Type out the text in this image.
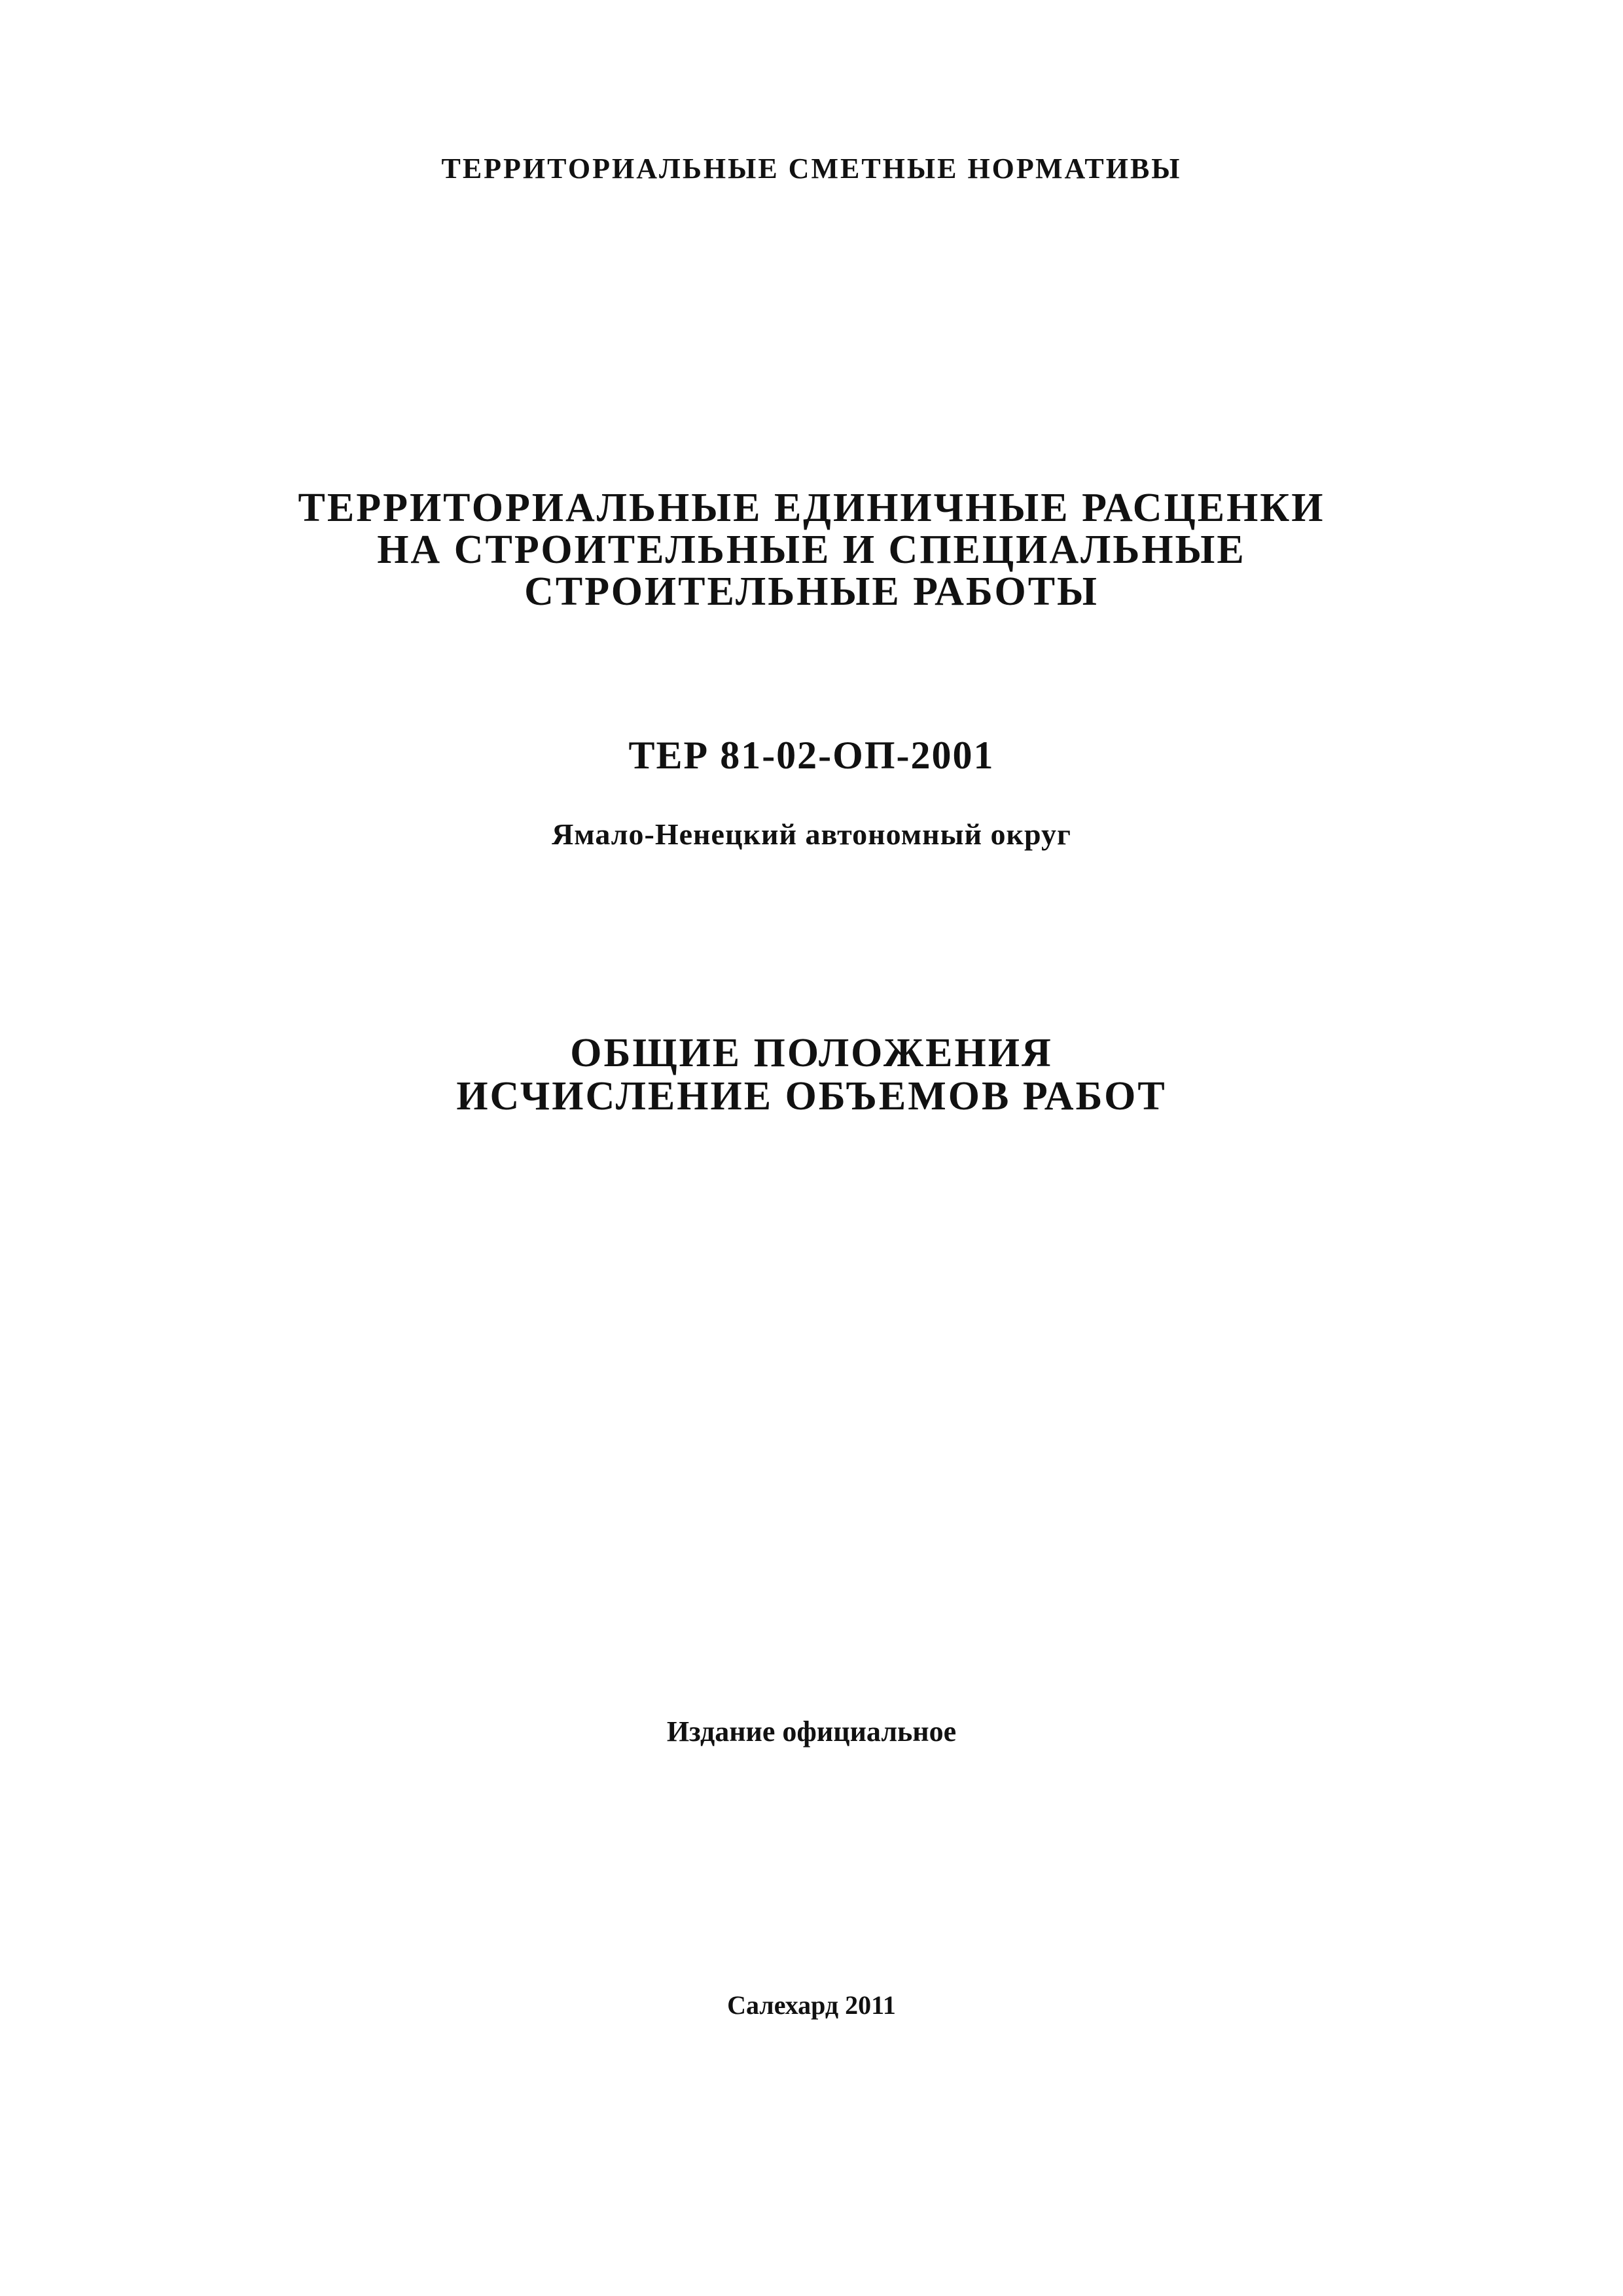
ТЕРРИТОРИАЛЬНЫЕ СМЕТНЫЕ НОРМАТИВЫ

ТЕРРИТОРИАЛЬНЫЕ ЕДИНИЧНЫЕ РАСЦЕНКИ
НА СТРОИТЕЛЬНЫЕ И СПЕЦИАЛЬНЫЕ
СТРОИТЕЛЬНЫЕ РАБОТЫ

ТЕР 81-02-ОП-2001

Ямало-Ненецкий автономный округ

ОБЩИЕ ПОЛОЖЕНИЯ
ИСЧИСЛЕНИЕ ОБЪЕМОВ РАБОТ

Издание официальное

Салехард 2011
